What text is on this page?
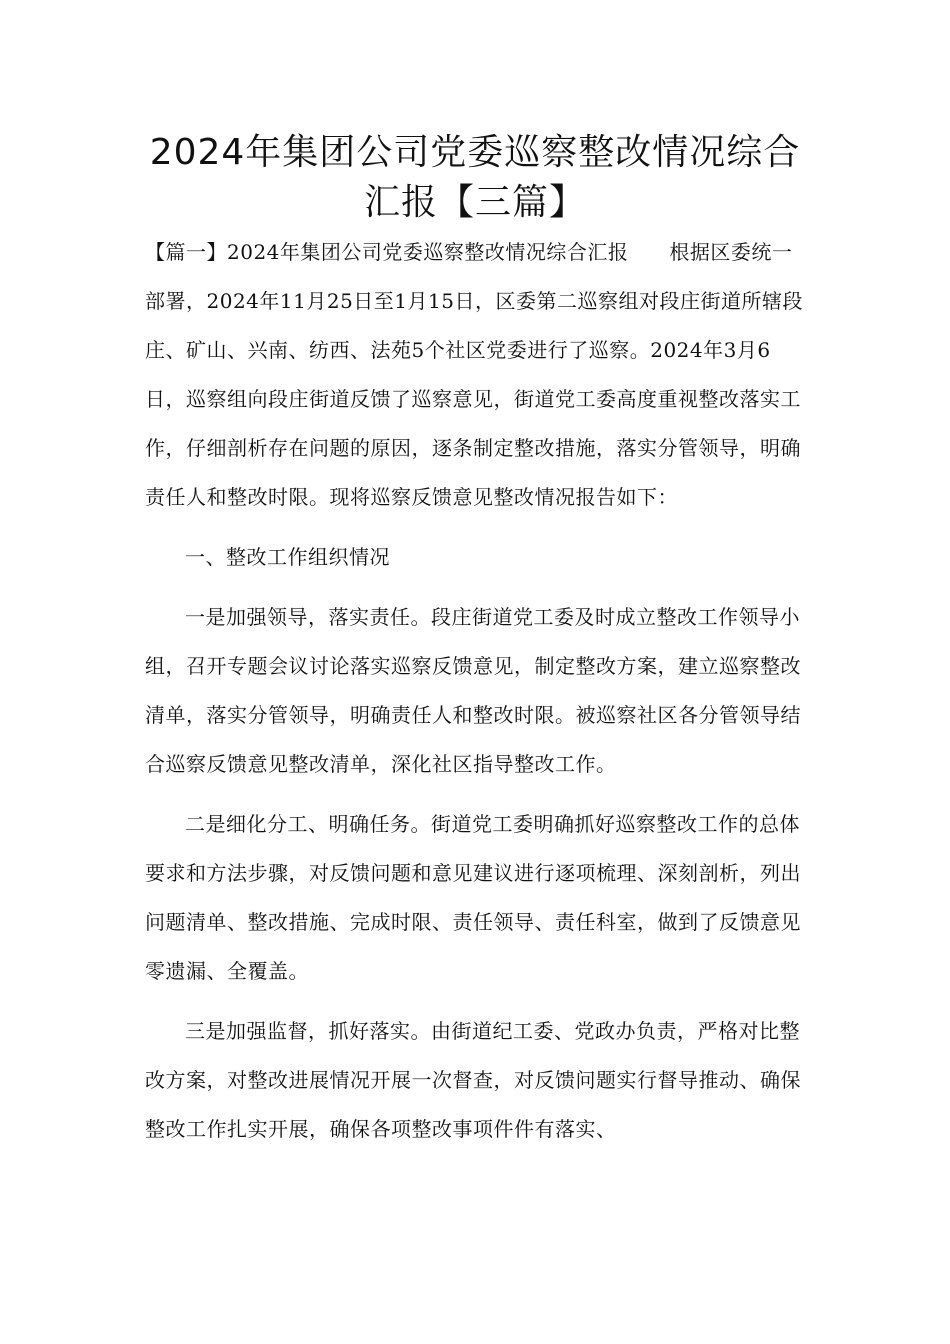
2024年集团公司党委巡察整改情况综合
汇报【三篇】

【篇一】2024年集团公司党委巡察整改情况综合汇报　　根据区委统一部署，2024年11月25日至1月15日，区委第二巡察组对段庄街道所辖段庄、矿山、兴南、纺西、法苑5个社区党委进行了巡察。2024年3月6日，巡察组向段庄街道反馈了巡察意见，街道党工委高度重视整改落实工作，仔细剖析存在问题的原因，逐条制定整改措施，落实分管领导，明确责任人和整改时限。现将巡察反馈意见整改情况报告如下：

一、整改工作组织情况

一是加强领导，落实责任。段庄街道党工委及时成立整改工作领导小组，召开专题会议讨论落实巡察反馈意见，制定整改方案，建立巡察整改清单，落实分管领导，明确责任人和整改时限。被巡察社区各分管领导结合巡察反馈意见整改清单，深化社区指导整改工作。

二是细化分工、明确任务。街道党工委明确抓好巡察整改工作的总体要求和方法步骤，对反馈问题和意见建议进行逐项梳理、深刻剖析，列出问题清单、整改措施、完成时限、责任领导、责任科室，做到了反馈意见零遗漏、全覆盖。

三是加强监督，抓好落实。由街道纪工委、党政办负责，严格对比整改方案，对整改进展情况开展一次督查，对反馈问题实行督导推动、确保整改工作扎实开展，确保各项整改事项件件有落实、
